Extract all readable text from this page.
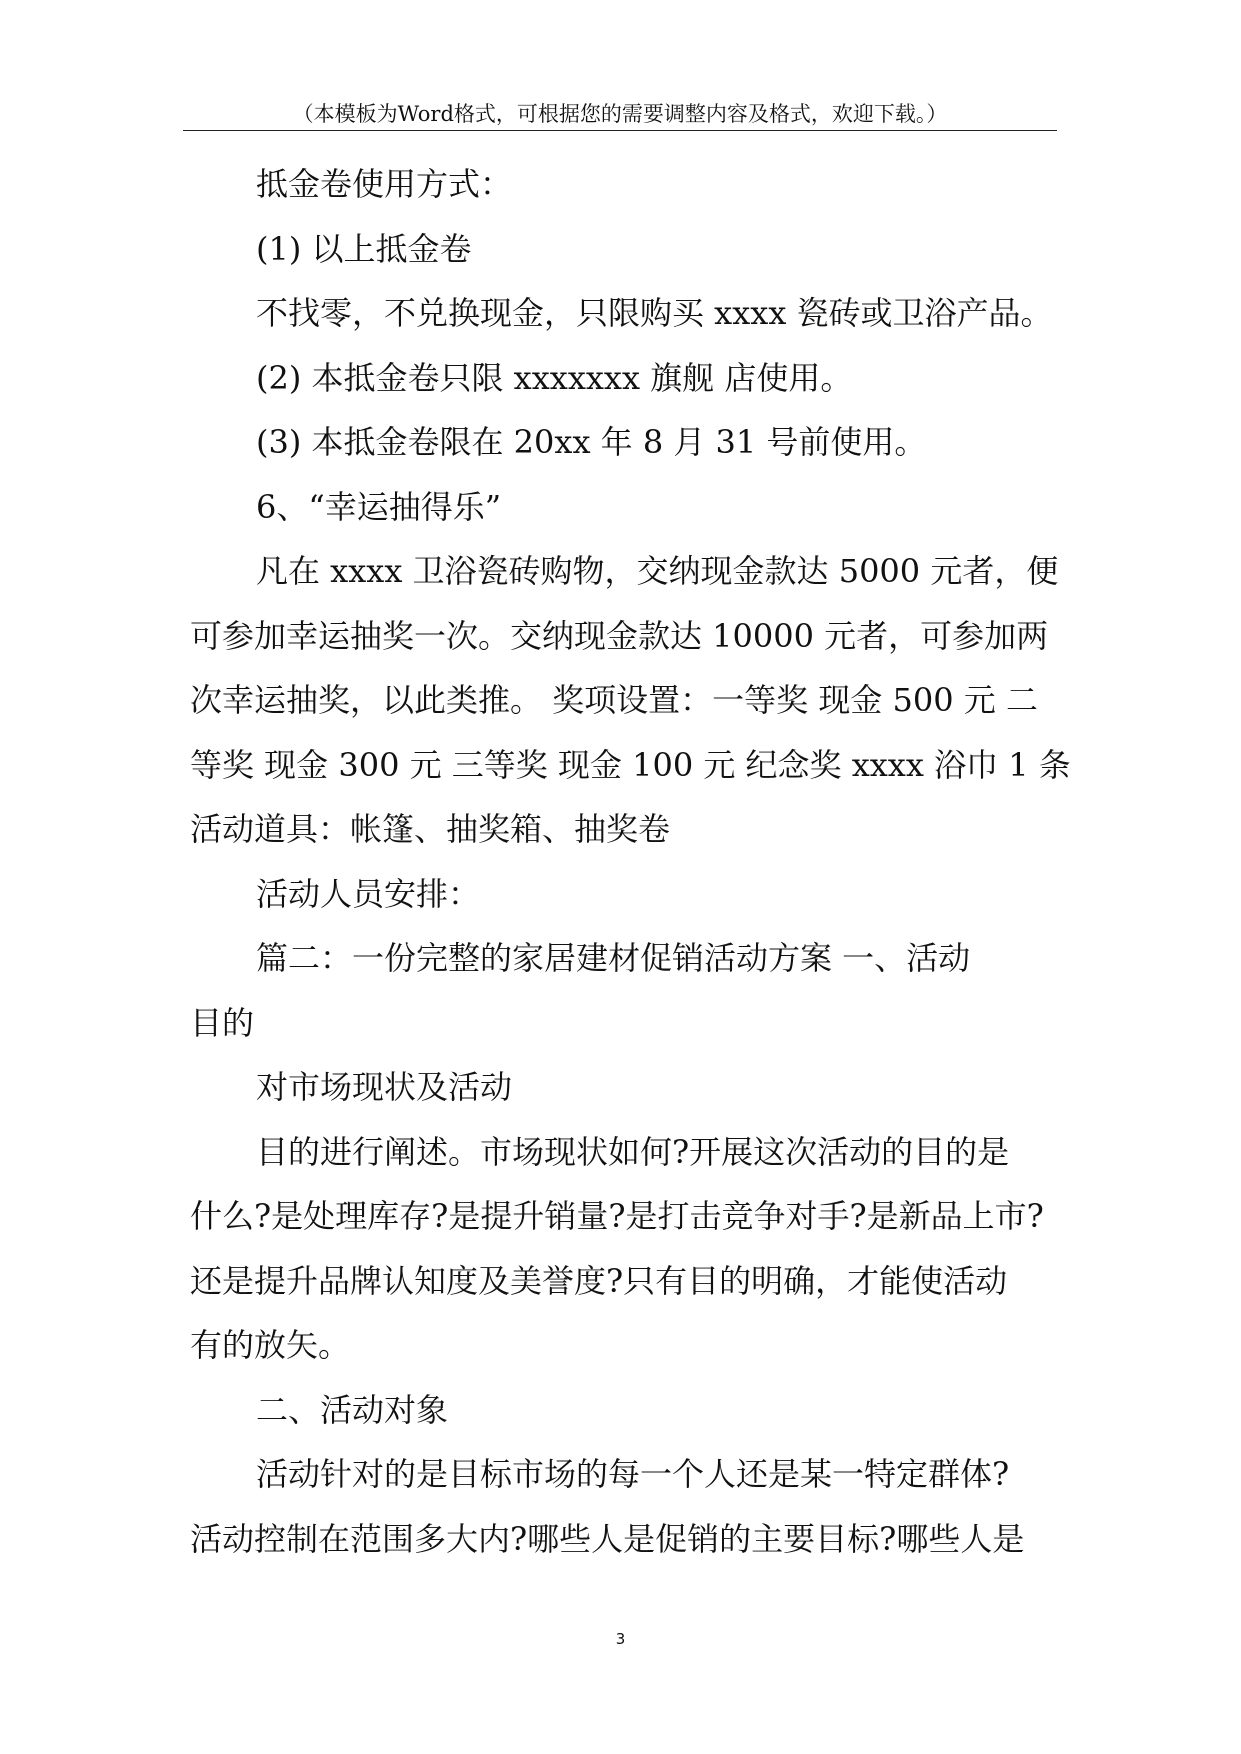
（本模板为Word格式，可根据您的需要调整内容及格式，欢迎下载。）

抵金卷使用方式：

(1) 以上抵金卷

不找零，不兑换现金，只限购买 xxxx 瓷砖或卫浴产品。

(2) 本抵金卷只限 xxxxxxx 旗舰 店使用。

(3) 本抵金卷限在 20xx 年 8 月 31 号前使用。

6、“幸运抽得乐”

凡在 xxxx 卫浴瓷砖购物，交纳现金款达 5000 元者，便

可参加幸运抽奖一次。交纳现金款达 10000 元者，可参加两

次幸运抽奖，以此类推。 奖项设置：一等奖 现金 500 元 二

等奖 现金 300 元 三等奖 现金 100 元 纪念奖 xxxx 浴巾 1 条

活动道具：帐篷、抽奖箱、抽奖卷

活动人员安排：

篇二：一份完整的家居建材促销活动方案 一、活动

目的

对市场现状及活动

目的进行阐述。市场现状如何?开展这次活动的目的是

什么?是处理库存?是提升销量?是打击竞争对手?是新品上市?

还是提升品牌认知度及美誉度?只有目的明确，才能使活动

有的放矢。

二、活动对象

活动针对的是目标市场的每一个人还是某一特定群体?

活动控制在范围多大内?哪些人是促销的主要目标?哪些人是

3
